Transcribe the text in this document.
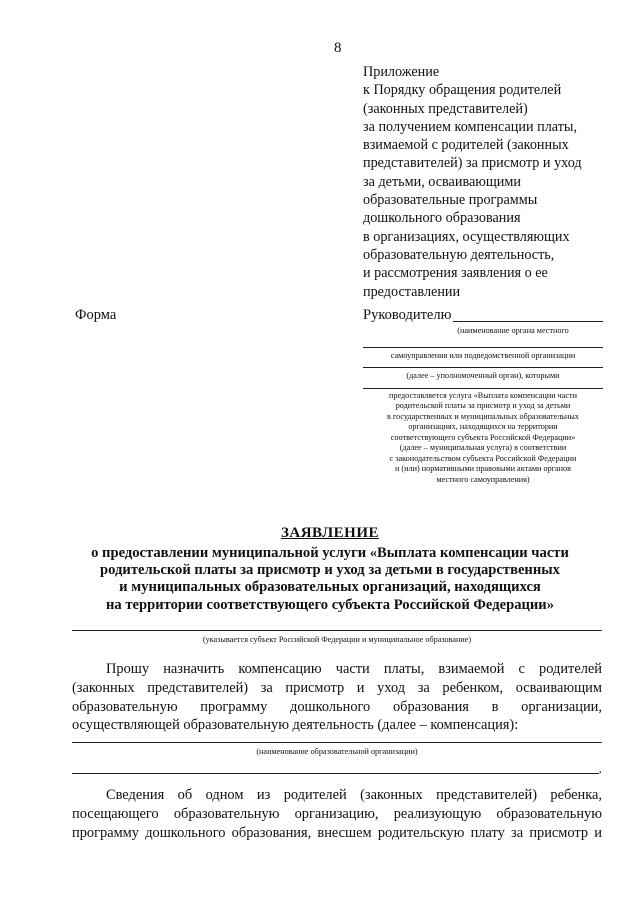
8
Приложение
к Порядку обращения родителей
(законных представителей)
за получением компенсации платы,
взимаемой с родителей (законных
представителей) за присмотр и уход
за детьми, осваивающими
образовательные программы
дошкольного образования
в организациях, осуществляющих
образовательную деятельность,
и рассмотрения заявления о ее
предоставлении
Форма	Руководителю
(наименование органа местного
самоуправления или подведомственной организации
(далее – уполномоченный орган), которыми
предоставляется услуга «Выплата компенсации части
родительской платы за присмотр и уход за детьми
в государственных и муниципальных образовательных
организациях, находящихся на территории
соответствующего субъекта Российской Федерации»
(далее – муниципальная услуга) в соответствии
с законодательством субъекта Российской Федерации
и (или) нормативными правовыми актами органов
местного самоуправления)
ЗАЯВЛЕНИЕ
о предоставлении муниципальной услуги «Выплата компенсации части
родительской платы за присмотр и уход за детьми в государственных
и муниципальных образовательных организаций, находящихся
на территории соответствующего субъекта Российской Федерации»
(указывается субъект Российской Федерации и муниципальное образование)
Прошу назначить компенсацию части платы, взимаемой с родителей
(законных представителей) за присмотр и уход за ребенком, осваивающим
образовательную программу дошкольного образования в организации,
осуществляющей образовательную деятельность (далее – компенсация):
(наименование образовательной организации)
.
Сведения об одном из родителей (законных представителей) ребенка,
посещающего образовательную организацию, реализующую образовательную
программу дошкольного образования, внесшем родительскую плату за присмотр и
